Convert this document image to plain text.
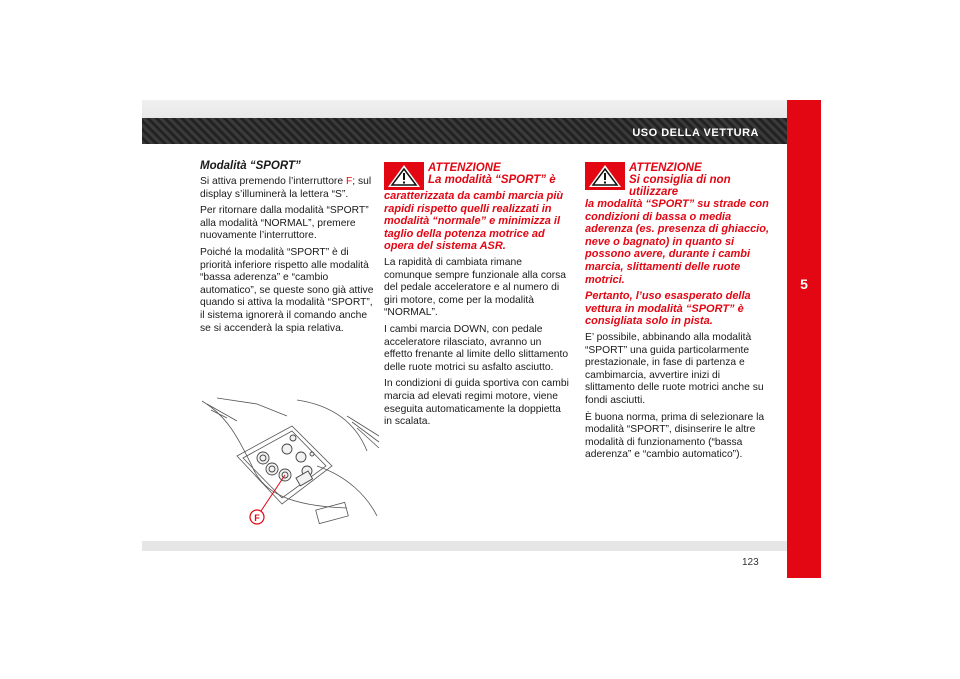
USO DELLA VETTURA
5
Modalità “SPORT”

Si attiva premendo l’interruttore F; sul display s’illuminerà la lettera “S”.

Per ritornare dalla modalità “SPORT” alla modalità “NORMAL”, premere nuovamente l’interruttore.

Poiché la modalità “SPORT” è di priorità inferiore rispetto alle modalità “bassa aderenza” e “cambio automatico”, se queste sono già attive quando si attiva la modalità “SPORT”, il sistema ignorerà il comando anche se si accenderà la spia relativa.

F
ATTENZIONE
La modalità “SPORT” è
caratterizzata da cambi marcia più rapidi rispetto quelli realizzati in modalità “normale” e minimizza il taglio della potenza motrice ad opera del sistema ASR.

La rapidità di cambiata rimane comunque sempre funzionale alla corsa del pedale acceleratore e al numero di giri motore, come per la modalità “NORMAL”.

I cambi marcia DOWN, con pedale acceleratore rilasciato, avranno un effetto frenante al limite dello slittamento delle ruote motrici su asfalto asciutto.

In condizioni di guida sportiva con cambi marcia ad elevati regimi motore, viene eseguita automaticamente la doppietta in scalata.

ATTENZIONE
Si consiglia di non utilizzare
la modalità “SPORT” su strade con condizioni di bassa o media aderenza (es. presenza di ghiaccio, neve o bagnato) in quanto si possono avere, durante i cambi marcia, slittamenti delle ruote motrici.
Pertanto, l’uso esasperato della vettura in modalità “SPORT” è consigliata solo in pista.

E’ possibile, abbinando alla modalità “SPORT” una guida particolarmente prestazionale, in fase di partenza e cambimarcia, avvertire inizi di slittamento delle ruote motrici anche su fondi asciutti.

È buona norma, prima di selezionare la modalità “SPORT”, disinserire le altre modalità di funzionamento (“bassa aderenza” e “cambio automatico”).

123
